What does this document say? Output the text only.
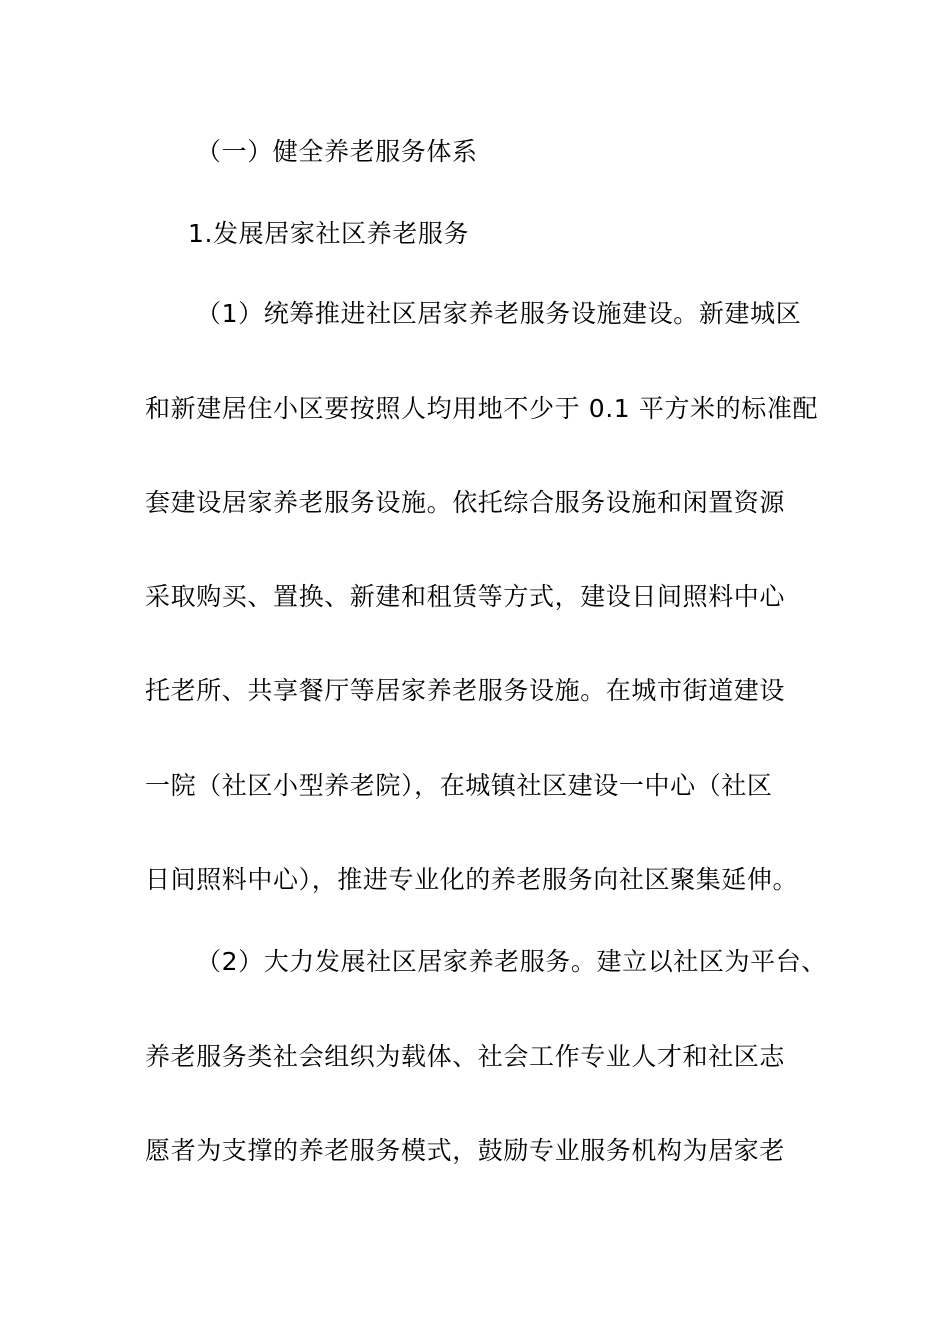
（一）健全养老服务体系
1.发展居家社区养老服务
（1）统筹推进社区居家养老服务设施建设。新建城区
和新建居住小区要按照人均用地不少于 0.1 平方米的标准配
套建设居家养老服务设施。依托综合服务设施和闲置资源
采取购买、置换、新建和租赁等方式，建设日间照料中心
托老所、共享餐厅等居家养老服务设施。在城市街道建设
一院（社区小型养老院），在城镇社区建设一中心（社区
日间照料中心），推进专业化的养老服务向社区聚集延伸。
（2）大力发展社区居家养老服务。建立以社区为平台、
养老服务类社会组织为载体、社会工作专业人才和社区志
愿者为支撑的养老服务模式，鼓励专业服务机构为居家老
